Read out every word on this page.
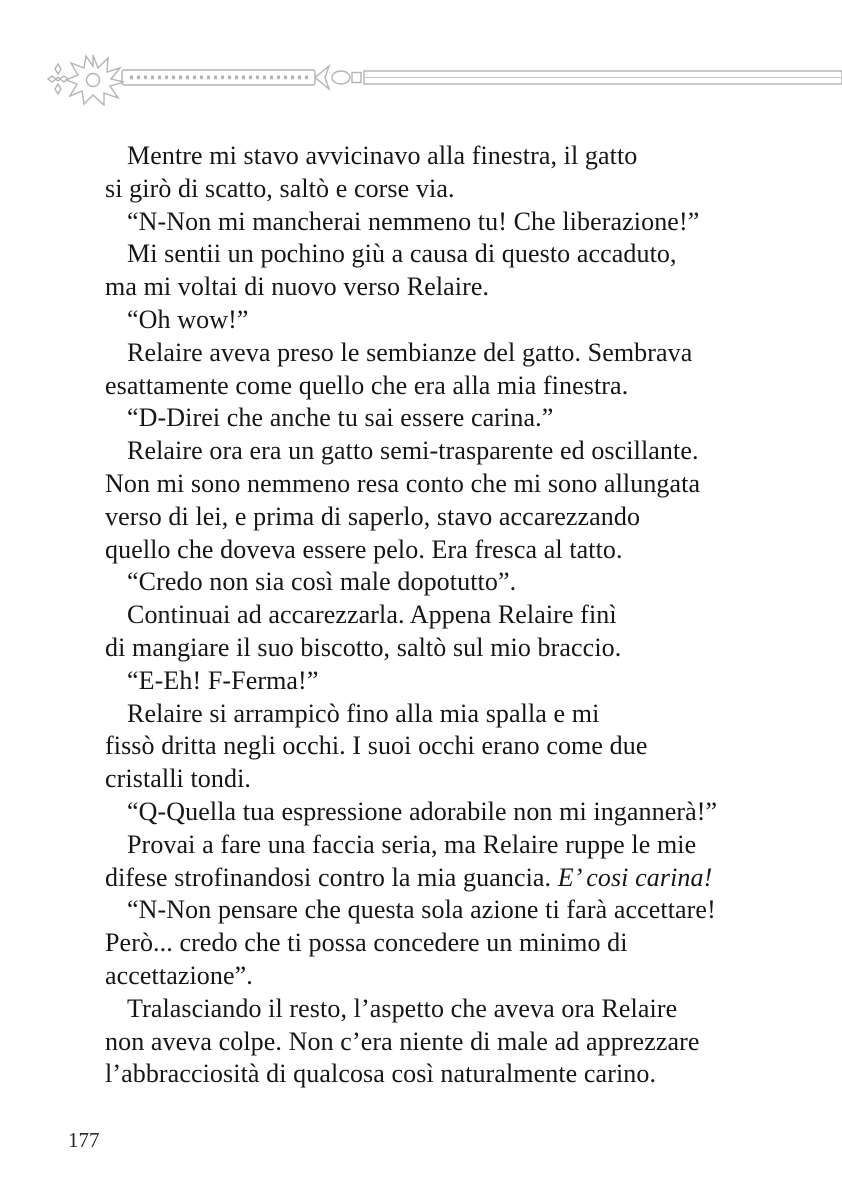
Mentre mi stavo avvicinavo alla finestra, il gatto
si girò di scatto, saltò e corse via.
“N-Non mi mancherai nemmeno tu! Che liberazione!”
Mi sentii un pochino giù a causa di questo accaduto,
ma mi voltai di nuovo verso Relaire.
“Oh wow!”
Relaire aveva preso le sembianze del gatto. Sembrava
esattamente come quello che era alla mia finestra.
“D-Direi che anche tu sai essere carina.”
Relaire ora era un gatto semi-trasparente ed oscillante.
Non mi sono nemmeno resa conto che mi sono allungata
verso di lei, e prima di saperlo, stavo accarezzando
quello che doveva essere pelo. Era fresca al tatto.
“Credo non sia così male dopotutto”.
Continuai ad accarezzarla. Appena Relaire finì
di mangiare il suo biscotto, saltò sul mio braccio.
“E-Eh! F-Ferma!”
Relaire si arrampicò fino alla mia spalla e mi
fissò dritta negli occhi. I suoi occhi erano come due
cristalli tondi.
“Q-Quella tua espressione adorabile non mi ingannerà!”
Provai a fare una faccia seria, ma Relaire ruppe le mie
difese strofinandosi contro la mia guancia. E’ cosi carina!
“N-Non pensare che questa sola azione ti farà accettare!
Però... credo che ti possa concedere un minimo di
accettazione”.
Tralasciando il resto, l’aspetto che aveva ora Relaire
non aveva colpe. Non c’era niente di male ad apprezzare
l’abbracciosità di qualcosa così naturalmente carino.
177
